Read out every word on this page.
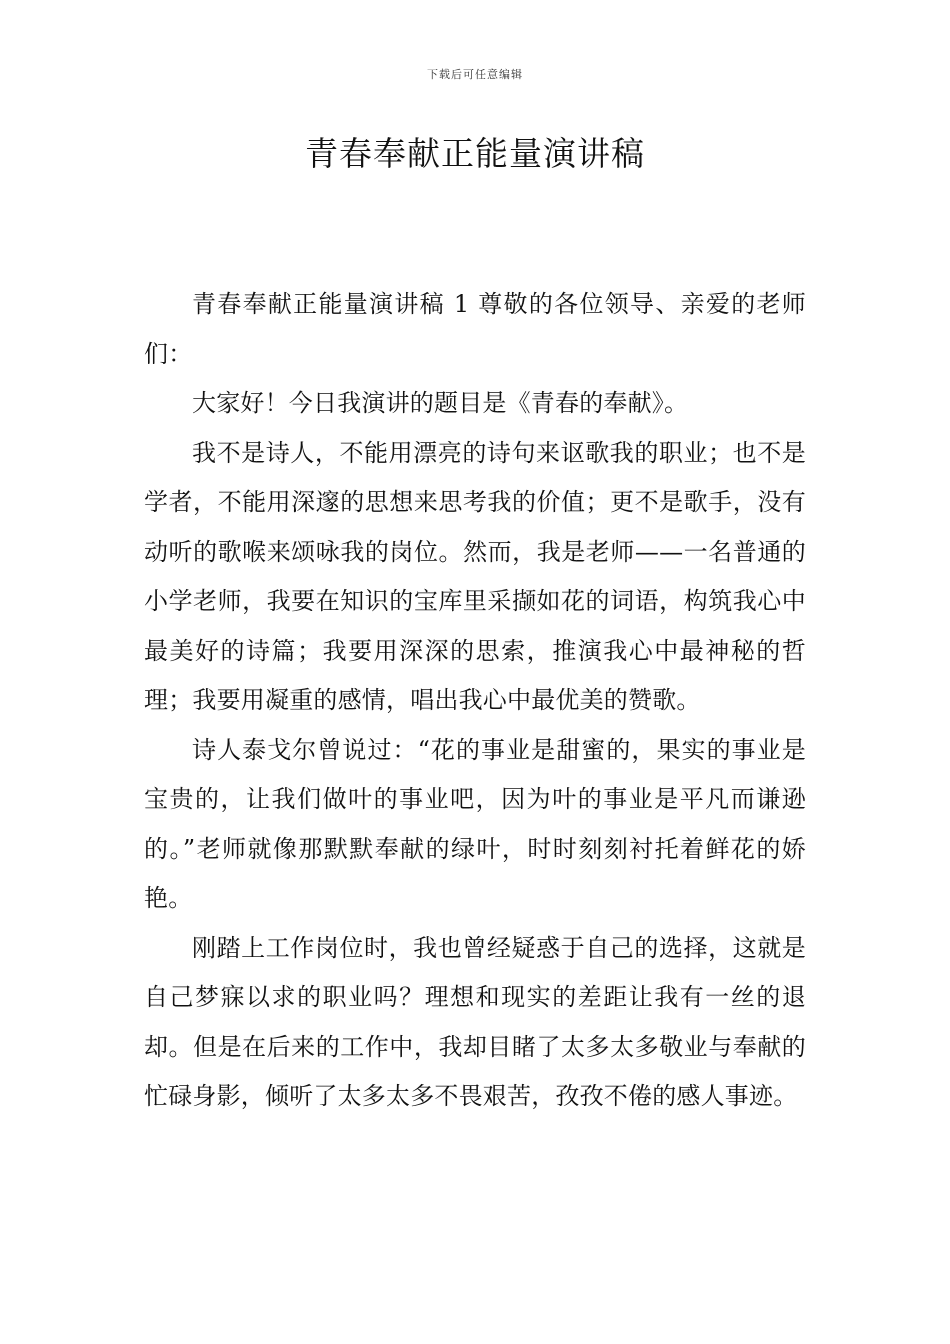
下载后可任意编辑
青春奉献正能量演讲稿

青春奉献正能量演讲稿 1 尊敬的各位领导、亲爱的老师们：

大家好！今日我演讲的题目是《青春的奉献》。

我不是诗人，不能用漂亮的诗句来讴歌我的职业；也不是学者，不能用深邃的思想来思考我的价值；更不是歌手，没有动听的歌喉来颂咏我的岗位。然而，我是老师——一名普通的小学老师，我要在知识的宝库里采撷如花的词语，构筑我心中最美好的诗篇；我要用深深的思索，推演我心中最神秘的哲理；我要用凝重的感情，唱出我心中最优美的赞歌。

诗人泰戈尔曾说过：“花的事业是甜蜜的，果实的事业是宝贵的，让我们做叶的事业吧，因为叶的事业是平凡而谦逊的。”老师就像那默默奉献的绿叶，时时刻刻衬托着鲜花的娇艳。

刚踏上工作岗位时，我也曾经疑惑于自己的选择，这就是自己梦寐以求的职业吗？理想和现实的差距让我有一丝的退却。但是在后来的工作中，我却目睹了太多太多敬业与奉献的忙碌身影，倾听了太多太多不畏艰苦，孜孜不倦的感人事迹。
